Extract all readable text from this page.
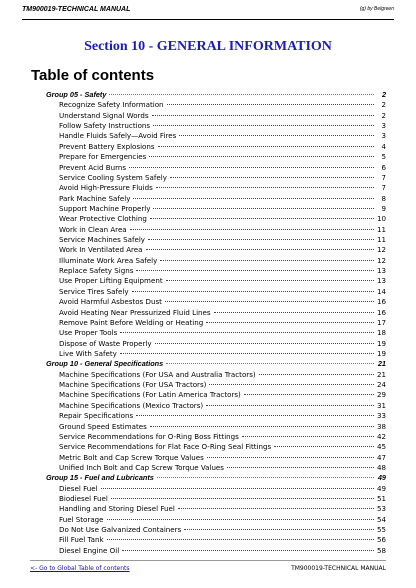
TM900019-TECHNICAL MANUAL	(g) by Belgreen
Section 10 - GENERAL INFORMATION
Table of contents
Group 05 - Safety	2
Recognize Safety Information	2
Understand Signal Words	2
Follow Safety Instructions	3
Handle Fluids Safely—Avoid Fires	3
Prevent Battery Explosions	4
Prepare for Emergencies	5
Prevent Acid Burns	6
Service Cooling System Safely	7
Avoid High-Pressure Fluids	7
Park Machine Safely	8
Support Machine Properly	9
Wear Protective Clothing	10
Work in Clean Area	11
Service Machines Safely	11
Work In Ventilated Area	12
Illuminate Work Area Safely	12
Replace Safety Signs	13
Use Proper Lifting Equipment	13
Service Tires Safely	14
Avoid Harmful Asbestos Dust	16
Avoid Heating Near Pressurized Fluid Lines	16
Remove Paint Before Welding or Heating	17
Use Proper Tools	18
Dispose of Waste Properly	19
Live With Safety	19
Group 10 - General Specifications	21
Machine Specifications (For USA and Australia Tractors)	21
Machine Specifications (For USA Tractors)	24
Machine Specifications (For Latin America Tractors)	29
Machine Specifications (Mexico Tractors)	31
Repair Specifications	33
Ground Speed Estimates	38
Service Recommendations for O-Ring Boss Fittings	42
Service Recommendations for Flat Face O-Ring Seal Fittings	45
Metric Bolt and Cap Screw Torque Values	47
Unified Inch Bolt and Cap Screw Torque Values	48
Group 15 - Fuel and Lubricants	49
Diesel Fuel	49
Biodiesel Fuel	51
Handling and Storing Diesel Fuel	53
Fuel Storage	54
Do Not Use Galvanized Containers	55
Fill Fuel Tank	56
Diesel Engine Oil	58
<- Go to Global Table of contents	TM900019-TECHNICAL MANUAL
